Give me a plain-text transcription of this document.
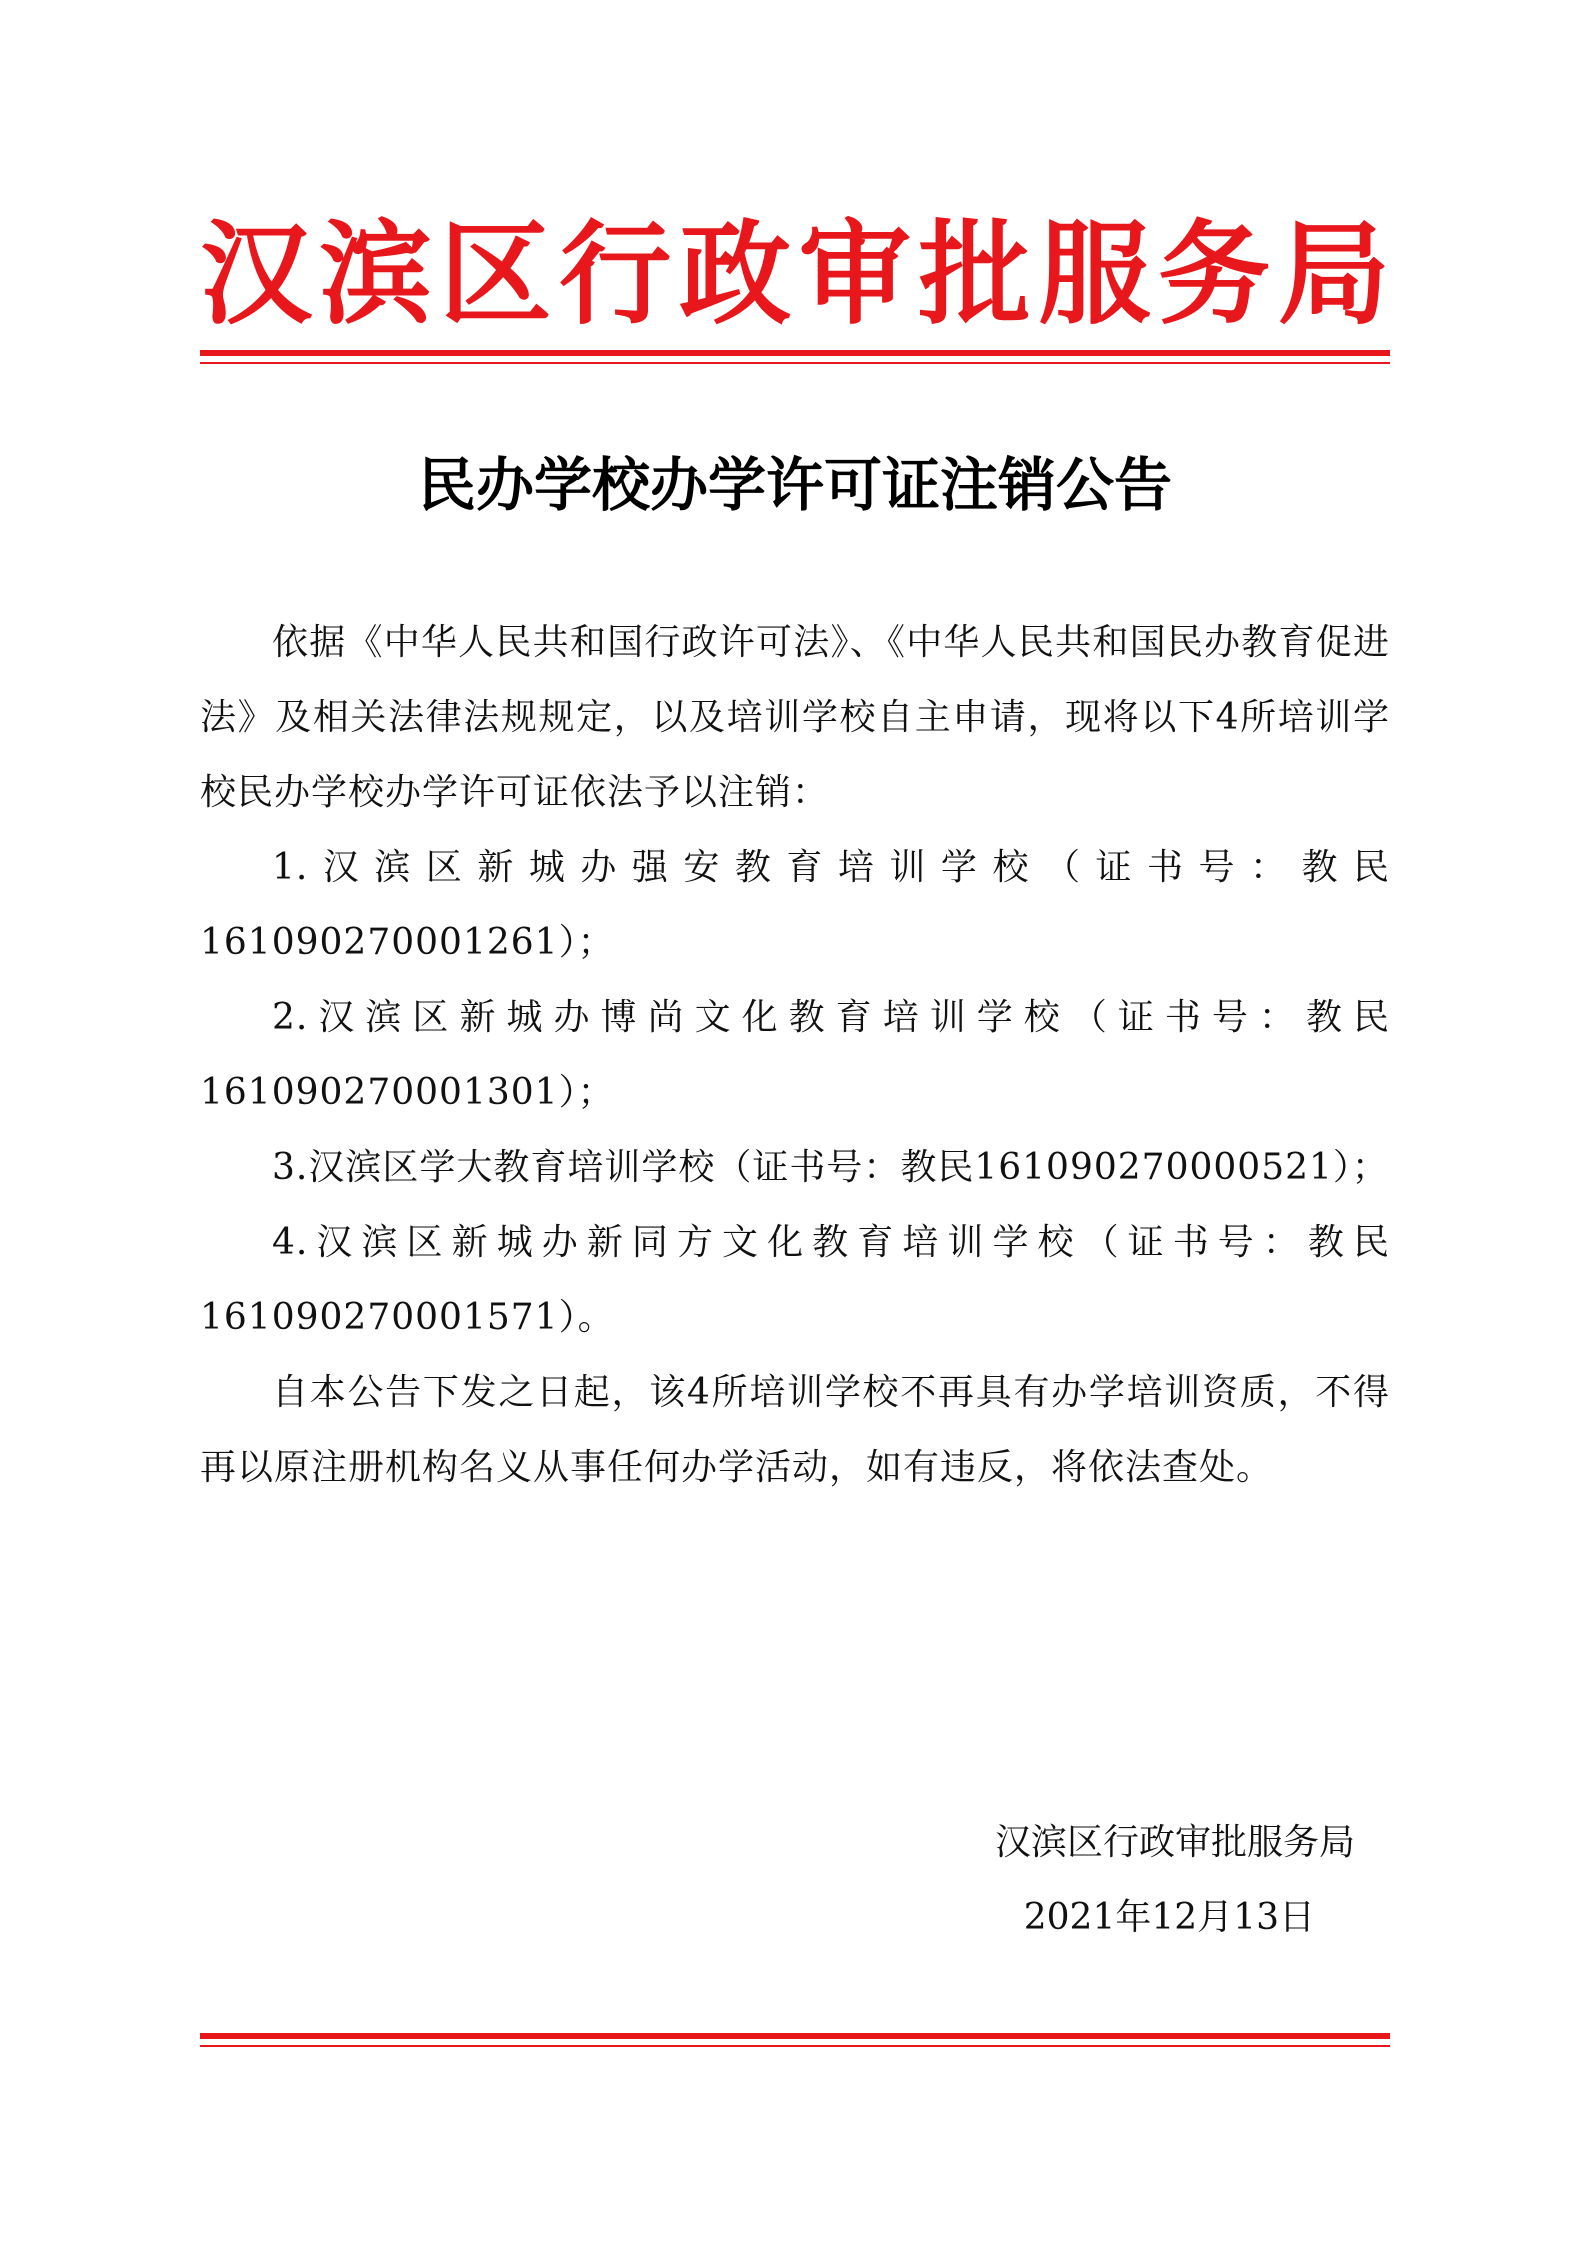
汉 滨 区 行 政 审 批 服 务 局
民办学校办学许可证注销公告

依据《中华人民共和国行政许可法》、《中华人民共和国民办教育促进法》及相关法律法规规定，以及培训学校自主申请，现将以下4所培训学校民办学校办学许可证依法予以注销：

1.汉滨区新城办强安教育培训学校（证书号：教民161090270001261）；

2.汉滨区新城办博尚文化教育培训学校（证书号：教民161090270001301）；

3.汉滨区学大教育培训学校（证书号：教民161090270000521）；

4.汉滨区新城办新同方文化教育培训学校（证书号：教民161090270001571）。

自本公告下发之日起，该4所培训学校不再具有办学培训资质，不得再以原注册机构名义从事任何办学活动，如有违反，将依法查处。

汉滨区行政审批服务局
2021年12月13日
